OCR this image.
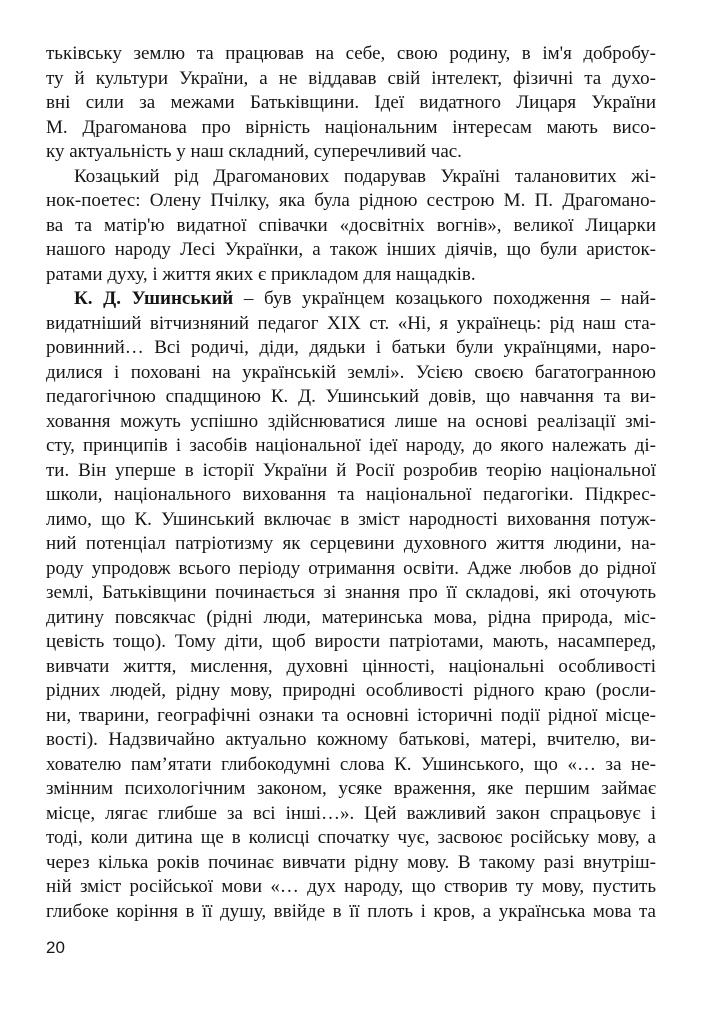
тьківську землю та працював на себе, свою родину, в ім'я добробу-
ту й культури України, а не віддавав свій інтелект, фізичні та духо-
вні сили за межами Батьківщини. Ідеї видатного Лицаря України
М. Драгоманова про вірність національним інтересам мають висо-
ку актуальність у наш складний, суперечливий час.
Козацький рід Драгоманових подарував Україні талановитих жі-
нок-поетес: Олену Пчілку, яка була рідною сестрою М. П. Драгомано-
ва та матір'ю видатної співачки «досвітніх вогнів», великої Лицарки
нашого народу Лесі Українки, а також інших діячів, що були аристок-
ратами духу, і життя яких є прикладом для нащадків.
К. Д. Ушинський – був українцем козацького походження – най-
видатніший вітчизняний педагог XIX ст. «Ні, я українець: рід наш ста-
ровинний… Всі родичі, діди, дядьки і батьки були українцями, наро-
дилися і поховані на українській землі». Усією своєю багатогранною
педагогічною спадщиною К. Д. Ушинський довів, що навчання та ви-
ховання можуть успішно здійснюватися лише на основі реалізації змі-
сту, принципів і засобів національної ідеї народу, до якого належать ді-
ти. Він уперше в історії України й Росії розробив теорію національної
школи, національного виховання та національної педагогіки. Підкрес-
лимо, що К. Ушинський включає в зміст народності виховання потуж-
ний потенціал патріотизму як серцевини духовного життя людини, на-
роду упродовж всього періоду отримання освіти. Адже любов до рідної
землі, Батьківщини починається зі знання про її складові, які оточують
дитину повсякчас (рідні люди, материнська мова, рідна природа, міс-
цевість тощо). Тому діти, щоб вирости патріотами, мають, насамперед,
вивчати життя, мислення, духовні цінності, національні особливості
рідних людей, рідну мову, природні особливості рідного краю (росли-
ни, тварини, географічні ознаки та основні історичні події рідної місце-
вості). Надзвичайно актуально кожному батькові, матері, вчителю, ви-
хователю пам’ятати глибокодумні слова К. Ушинського, що «… за не-
змінним психологічним законом, усяке враження, яке першим займає
місце, лягає глибше за всі інші…». Цей важливий закон спрацьовує і
тоді, коли дитина ще в колисці спочатку чує, засвоює російську мову, а
через кілька років починає вивчати рідну мову. В такому разі внутріш-
ній зміст російської мови «… дух народу, що створив ту мову, пустить
глибоке коріння в її душу, ввійде в її плоть і кров, а українська мова та
20
